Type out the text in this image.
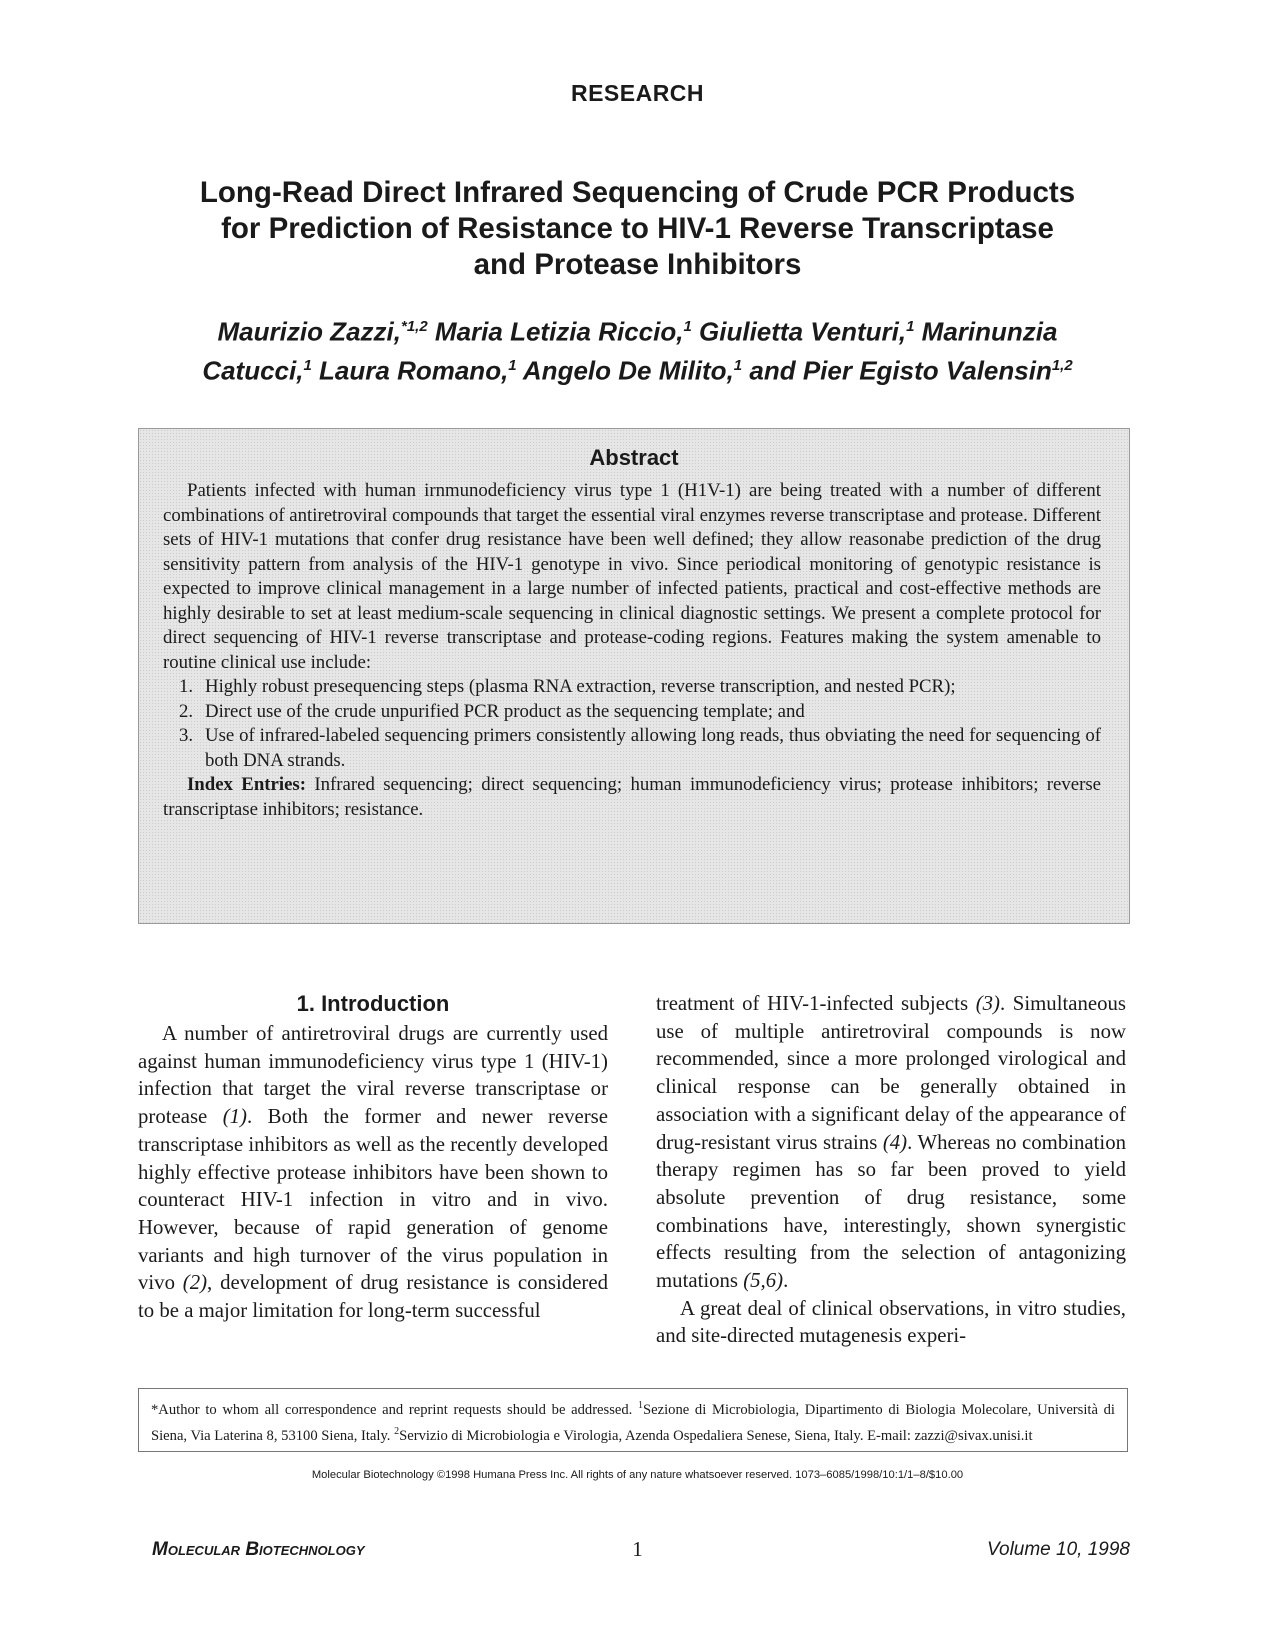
RESEARCH
Long-Read Direct Infrared Sequencing of Crude PCR Products
for Prediction of Resistance to HIV-1 Reverse Transcriptase
and Protease Inhibitors
Maurizio Zazzi,$^{*1,2}$ Maria Letizia Riccio,$^1$ Giulietta Venturi,$^1$ Marinunzia
Catucci,$^1$ Laura Romano,$^1$ Angelo De Milito,$^1$ and Pier Egisto Valensin$^{1,2}$
Abstract
Patients infected with human irnmunodeficiency virus type 1 (H1V-1) are being treated with a number of different combinations of antiretroviral compounds that target the essential viral enzymes reverse transcriptase and protease. Different sets of HIV-1 mutations that confer drug resistance have been well defined; they allow reasonabe prediction of the drug sensitivity pattern from analysis of the HIV-1 genotype in vivo. Since periodical monitoring of genotypic resistance is expected to improve clinical management in a large number of infected patients, practical and cost-effective methods are highly desirable to set at least medium-scale sequencing in clinical diagnostic settings. We present a complete protocol for direct sequencing of HIV-1 reverse transcriptase and protease-coding regions. Features making the system amenable to routine clinical use include:
1. Highly robust presequencing steps (plasma RNA extraction, reverse transcription, and nested PCR);
2. Direct use of the crude unpurified PCR product as the sequencing template; and
3. Use of infrared-labeled sequencing primers consistently allowing long reads, thus obviating the need for sequencing of both DNA strands.
Index Entries: Infrared sequencing; direct sequencing; human immunodeficiency virus; protease inhibitors; reverse transcriptase inhibitors; resistance.
1. Introduction

A number of antiretroviral drugs are currently used against human immunodeficiency virus type 1 (HIV-1) infection that target the viral reverse transcriptase or protease (1). Both the former and newer reverse transcriptase inhibitors as well as the recently developed highly effective protease inhibitors have been shown to counteract HIV-1 infection in vitro and in vivo. However, because of rapid generation of genome variants and high turnover of the virus population in vivo (2), development of drug resistance is considered to be a major limitation for long-term successful

treatment of HIV-1-infected subjects (3). Simultaneous use of multiple antiretroviral compounds is now recommended, since a more prolonged virological and clinical response can be generally obtained in association with a significant delay of the appearance of drug-resistant virus strains (4). Whereas no combination therapy regimen has so far been proved to yield absolute prevention of drug resistance, some combinations have, interestingly, shown synergistic effects resulting from the selection of antagonizing mutations (5,6).

A great deal of clinical observations, in vitro studies, and site-directed mutagenesis experi-

*Author to whom all correspondence and reprint requests should be addressed. $^1$Sezione di Microbiologia, Dipartimento di Biologia Molecolare, Università di Siena, Via Laterina 8, 53100 Siena, Italy. $^2$Servizio di Microbiologia e Virologia, Azenda Ospedaliera Senese, Siena, Italy. E-mail: zazzi@sivax.unisi.it
Molecular Biotechnology ©1998 Humana Press Inc. All rights of any nature whatsoever reserved. 1073–6085/1998/10:1/1–8/$10.00
Molecular Biotechnology	1	Volume 10, 1998
